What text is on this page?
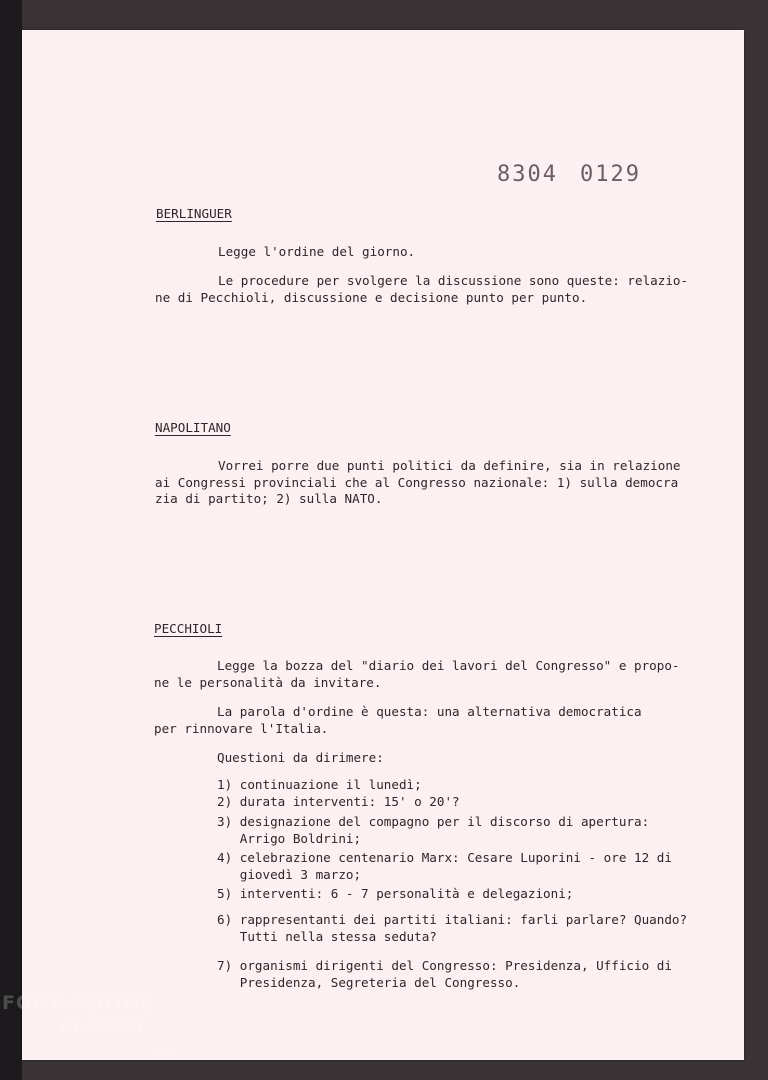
8304 0129
BERLINGUER
Legge l'ordine del giorno.
Le procedure per svolgere la discussione sono queste: relazio-
ne di Pecchioli, discussione e decisione punto per punto.
NAPOLITANO
Vorrei porre due punti politici da definire, sia in relazione
ai Congressi provinciali che al Congresso nazionale: 1) sulla democra
zia di partito; 2) sulla NATO.
PECCHIOLI
Legge la bozza del "diario dei lavori del Congresso" e propo-
ne le personalità da invitare.
La parola d'ordine è questa: una alternativa democratica
per rinnovare l'Italia.
Questioni da dirimere:
1) continuazione il lunedì;
2) durata interventi: 15' o 20'?
3) designazione del compagno per il discorso di apertura:
Arrigo Boldrini;
4) celebrazione centenario Marx: Cesare Luporini - ore 12 di
giovedì 3 marzo;
5) interventi: 6 - 7 personalità e delegazioni;
6) rappresentanti dei partiti italiani: farli parlare? Quando?
Tutti nella stessa seduta?
7) organismi dirigenti del Congresso: Presidenza, Ufficio di
Presidenza, Segreteria del Congresso.
FONDAZIONE
GRAMSCI
onlus
